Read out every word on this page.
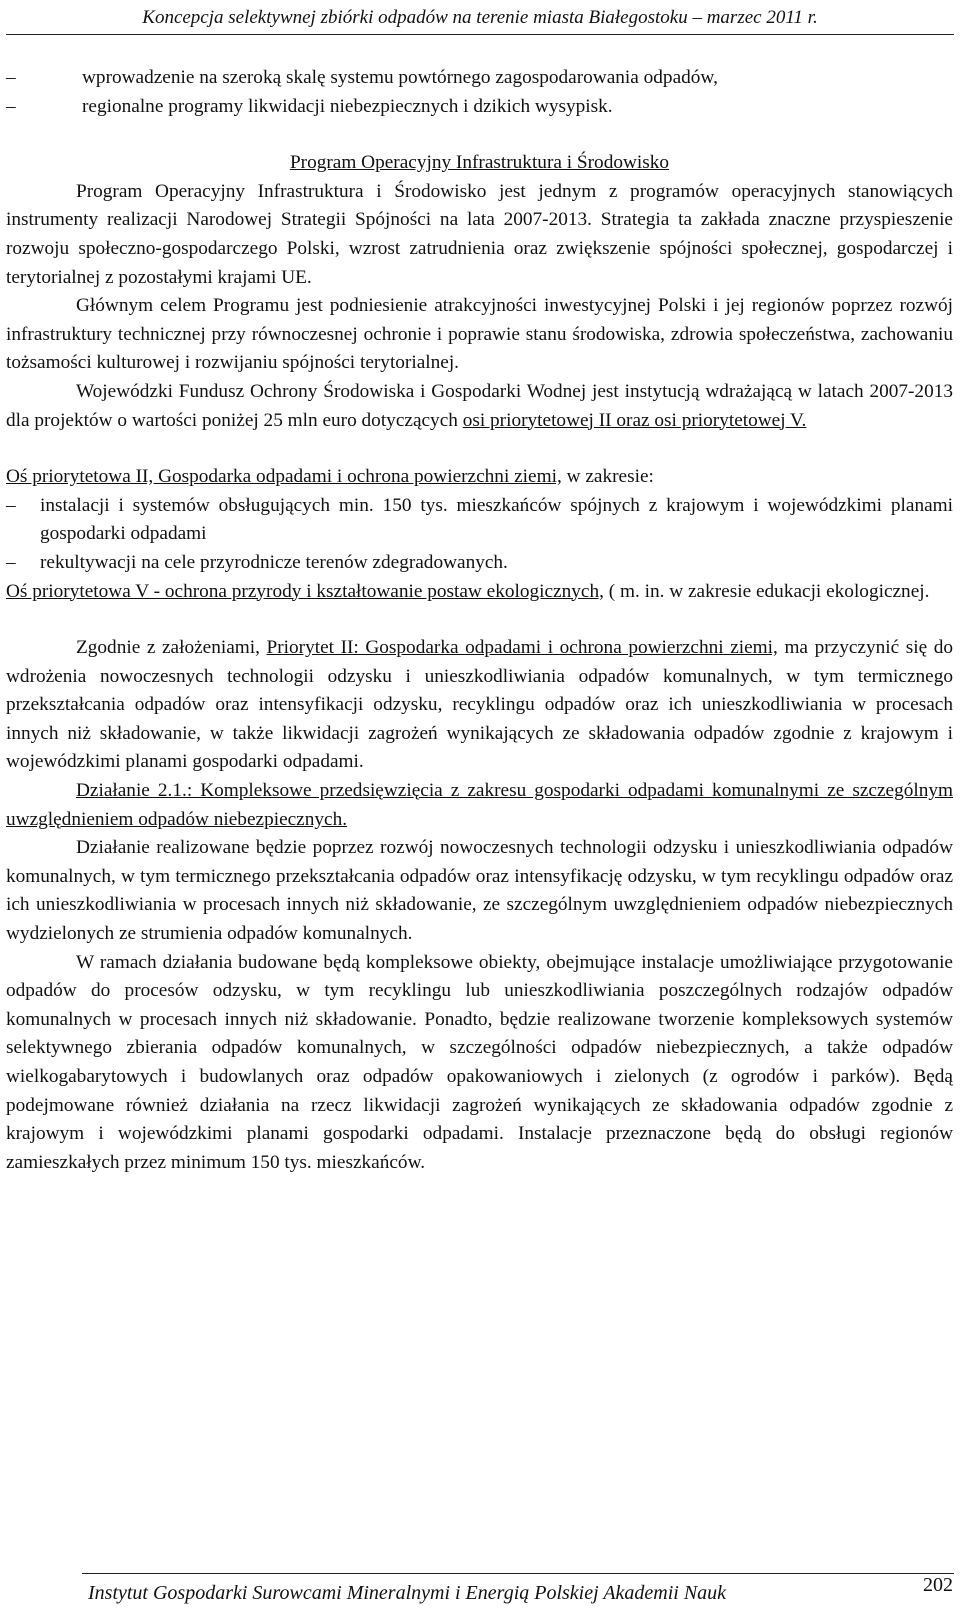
Koncepcja selektywnej zbiórki odpadów na terenie miasta Białegostoku – marzec 2011 r.
– wprowadzenie na szeroką skalę systemu powtórnego zagospodarowania odpadów,
– regionalne programy likwidacji niebezpiecznych i dzikich wysypisk.

Program Operacyjny Infrastruktura i Środowisko

Program Operacyjny Infrastruktura i Środowisko jest jednym z programów operacyjnych stanowiących instrumenty realizacji Narodowej Strategii Spójności na lata 2007-2013. Strategia ta zakłada znaczne przyspieszenie rozwoju społeczno-gospodarczego Polski, wzrost zatrudnienia oraz zwiększenie spójności społecznej, gospodarczej i terytorialnej z pozostałymi krajami UE.

Głównym celem Programu jest podniesienie atrakcyjności inwestycyjnej Polski i jej regionów poprzez rozwój infrastruktury technicznej przy równoczesnej ochronie i poprawie stanu środowiska, zdrowia społeczeństwa, zachowaniu tożsamości kulturowej i rozwijaniu spójności terytorialnej.

Wojewódzki Fundusz Ochrony Środowiska i Gospodarki Wodnej jest instytucją wdrażającą w latach 2007-2013 dla projektów o wartości poniżej 25 mln euro dotyczących osi priorytetowej II oraz osi priorytetowej V.

Oś priorytetowa II, Gospodarka odpadami i ochrona powierzchni ziemi, w zakresie:

– instalacji i systemów obsługujących min. 150 tys. mieszkańców spójnych z krajowym i wojewódzkimi planami gospodarki odpadami
– rekultywacji na cele przyrodnicze terenów zdegradowanych.

Oś priorytetowa V - ochrona przyrody i kształtowanie postaw ekologicznych, ( m. in. w zakresie edukacji ekologicznej.

Zgodnie z założeniami, Priorytet II: Gospodarka odpadami i ochrona powierzchni ziemi, ma przyczynić się do wdrożenia nowoczesnych technologii odzysku i unieszkodliwiania odpadów komunalnych, w tym termicznego przekształcania odpadów oraz intensyfikacji odzysku, recyklingu odpadów oraz ich unieszkodliwiania w procesach innych niż składowanie, w także likwidacji zagrożeń wynikających ze składowania odpadów zgodnie z krajowym i wojewódzkimi planami gospodarki odpadami.

Działanie 2.1.: Kompleksowe przedsięwzięcia z zakresu gospodarki odpadami komunalnymi ze szczególnym uwzględnieniem odpadów niebezpiecznych.

Działanie realizowane będzie poprzez rozwój nowoczesnych technologii odzysku i unieszkodliwiania odpadów komunalnych, w tym termicznego przekształcania odpadów oraz intensyfikację odzysku, w tym recyklingu odpadów oraz ich unieszkodliwiania w procesach innych niż składowanie, ze szczególnym uwzględnieniem odpadów niebezpiecznych wydzielonych ze strumienia odpadów komunalnych.

W ramach działania budowane będą kompleksowe obiekty, obejmujące instalacje umożliwiające przygotowanie odpadów do procesów odzysku, w tym recyklingu lub unieszkodliwiania poszczególnych rodzajów odpadów komunalnych w procesach innych niż składowanie. Ponadto, będzie realizowane tworzenie kompleksowych systemów selektywnego zbierania odpadów komunalnych, w szczególności odpadów niebezpiecznych, a także odpadów wielkogabarytowych i budowlanych oraz odpadów opakowaniowych i zielonych (z ogrodów i parków). Będą podejmowane również działania na rzecz likwidacji zagrożeń wynikających ze składowania odpadów zgodnie z krajowym i wojewódzkimi planami gospodarki odpadami. Instalacje przeznaczone będą do obsługi regionów zamieszkałych przez minimum 150 tys. mieszkańców.

Instytut Gospodarki Surowcami Mineralnymi i Energią Polskiej Akademii Nauk	202
